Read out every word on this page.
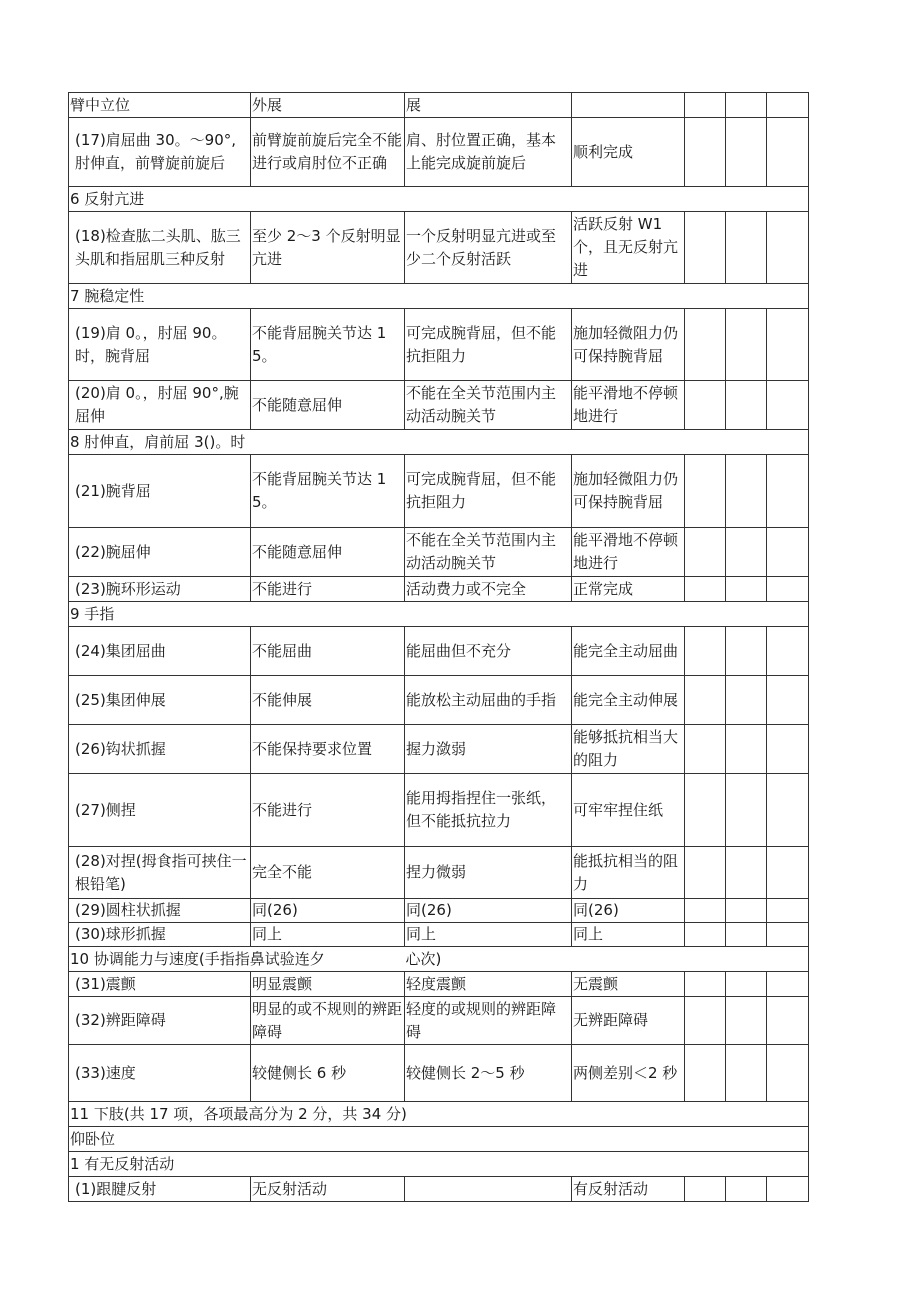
臂中立位	外展	展				
(17)肩屈曲 30。〜90°,肘伸直，前臂旋前旋后	前臂旋前旋后完全不能进行或肩肘位不正确	肩、肘位置正确，基本上能完成旋前旋后	顺利完成			
6 反射亢进						
(18)检查肱二头肌、肱三头肌和指屈肌三种反射	至少 2～3 个反射明显亢进	一个反射明显亢进或至少二个反射活跃	活跃反射 W1 个，且无反射亢进			
7 腕稳定性						
(19)肩 0。，肘屈 90。时，腕背屈	不能背屈腕关节达 15。	可完成腕背屈，但不能抗拒阻力	施加轻微阻力仍可保持腕背屈			
(20)肩 0。，肘屈 90°,腕屈伸	不能随意屈伸	不能在全关节范围内主动活动腕关节	能平滑地不停顿地进行			
8 肘伸直，肩前屈 3()。时						
(21)腕背屈	不能背屈腕关节达 15。	可完成腕背屈，但不能抗拒阻力	施加轻微阻力仍可保持腕背屈			
(22)腕屈伸	不能随意屈伸	不能在全关节范围内主动活动腕关节	能平滑地不停顿地进行			
(23)腕环形运动	不能进行	活动费力或不完全	正常完成			
9 手指						
(24)集团屈曲	不能屈曲	能屈曲但不充分	能完全主动屈曲			
(25)集团伸展	不能伸展	能放松主动屈曲的手指	能完全主动伸展			
(26)钩状抓握	不能保持要求位置	握力潋弱	能够抵抗相当大的阻力			
(27)侧捏	不能进行	能用拇指捏住一张纸，但不能抵抗拉力	可牢牢捏住纸			
(28)对捏(拇食指可挟住一根铅笔)	完全不能	捏力微弱	能抵抗相当的阻力			
(29)圆柱状抓握	同(26)	同(26)	同(26)			
(30)球形抓握	同上	同上	同上			
10 协调能力与速度(手指指鼻试验连夕		心次)				
(31)震颤	明显震颤	轻度震颤	无震颤			
(32)辨距障碍	明显的或不规则的辨距障碍	轻度的或规则的辨距障碍	无辨距障碍			
(33)速度	较健侧长 6 秒	较健侧长 2～5 秒	两侧差别＜2 秒			
11 下肢(共 17 项，各项最高分为 2 分，共 34 分)						
仰卧位						
1 有无反射活动						
(1)跟腱反射	无反射活动		有反射活动			
